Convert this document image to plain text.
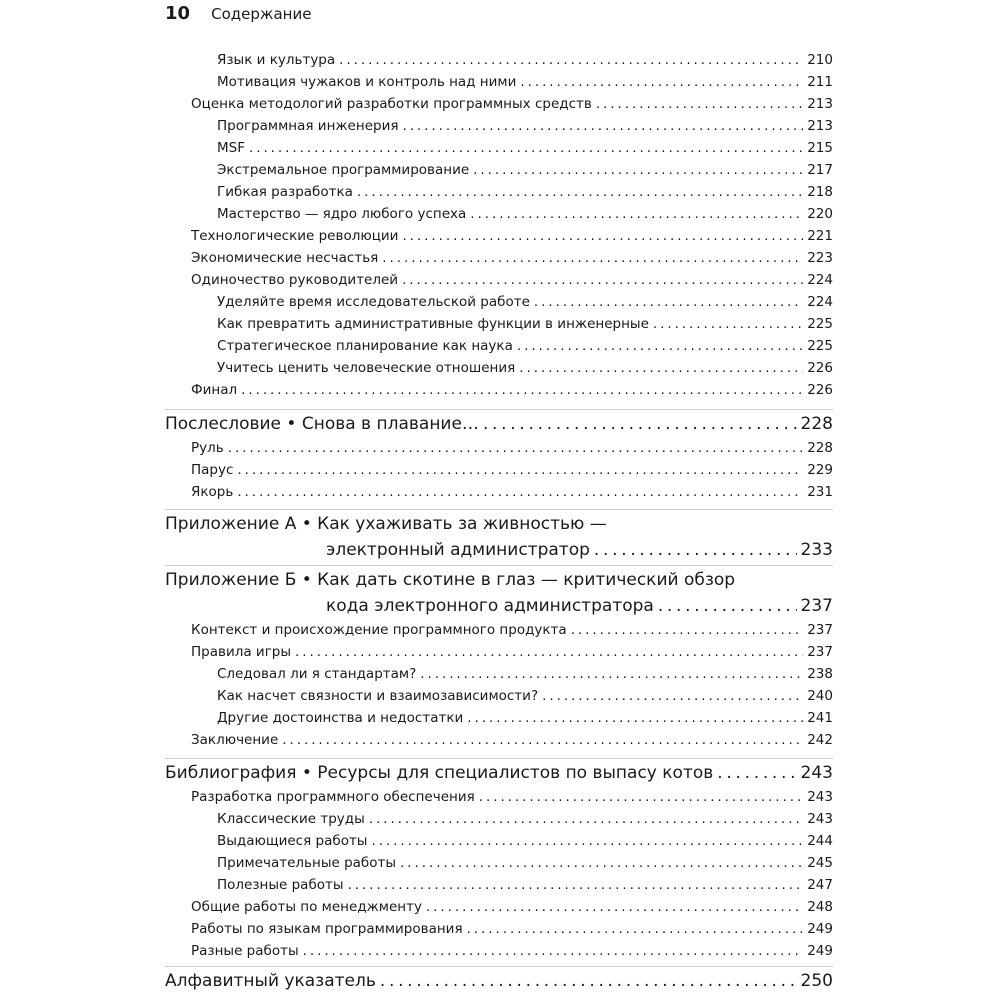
10 Содержание
Язык и культура . . .	210
Мотивация чужаков и контроль над ними . . .	211
Оценка методологий разработки программных средств . . .	213
Программная инженерия . . .	213
MSF . . .	215
Экстремальное программирование . . .	217
Гибкая разработка . . .	218
Мастерство — ядро любого успеха . . .	220
Технологические революции . . .	221
Экономические несчастья . . .	223
Одиночество руководителей . . .	224
Уделяйте время исследовательской работе . . .	224
Как превратить административные функции в инженерные . . .	225
Стратегическое планирование как наука . . .	225
Учитесь ценить человеческие отношения . . .	226
Финал . . .	226
Послесловие • Снова в плавание… . . .	228
Руль . . .	228
Парус . . .	229
Якорь . . .	231
Приложение А • Как ухаживать за живностью —
электронный администратор . . .	233
Приложение Б • Как дать скотине в глаз — критический обзор
кода электронного администратора . . .	237
Контекст и происхождение программного продукта . . .	237
Правила игры . . .	237
Следовал ли я стандартам? . . .	238
Как насчет связности и взаимозависимости? . . .	240
Другие достоинства и недостатки . . .	241
Заключение . . .	242
Библиография • Ресурсы для специалистов по выпасу котов . . .	243
Разработка программного обеспечения . . .	243
Классические труды . . .	243
Выдающиеся работы . . .	244
Примечательные работы . . .	245
Полезные работы . . .	247
Общие работы по менеджменту . . .	248
Работы по языкам программирования . . .	249
Разные работы . . .	249
Алфавитный указатель . . .	250
